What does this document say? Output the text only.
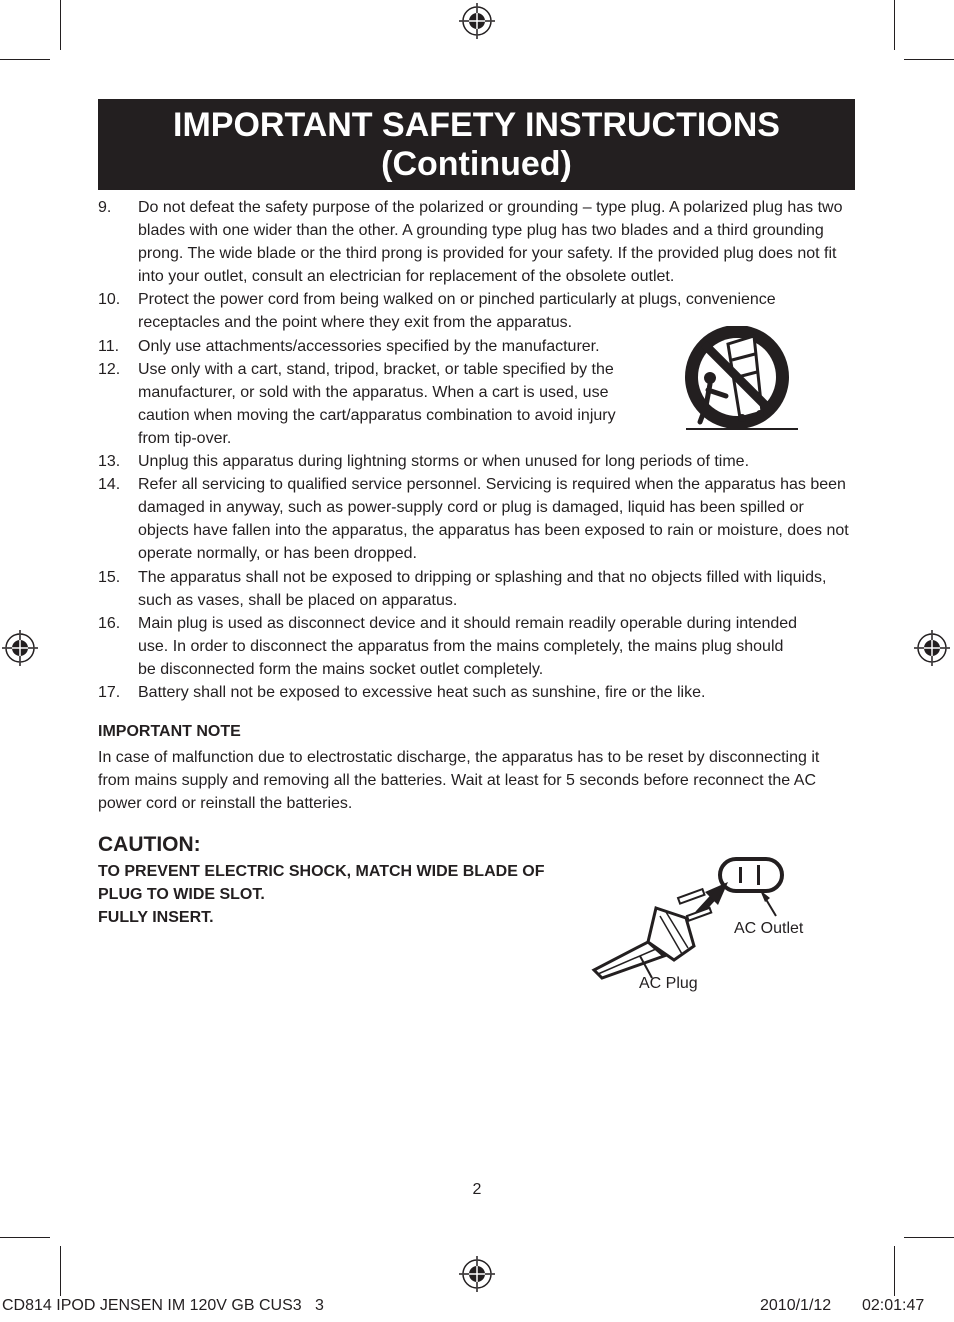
IMPORTANT SAFETY INSTRUCTIONS
(Continued)
9. Do not defeat the safety purpose of the polarized or grounding – type plug. A polarized plug has two blades with one wider than the other. A grounding type plug has two blades and a third grounding prong. The wide blade or the third prong is provided for your safety. If the provided plug does not fit into your outlet, consult an electrician for replacement of the obsolete outlet.
10. Protect the power cord from being walked on or pinched particularly at plugs, convenience receptacles and the point where they exit from the apparatus.
11. Only use attachments/accessories specified by the manufacturer.
12. Use only with a cart, stand, tripod, bracket, or table specified by the manufacturer, or sold with the apparatus. When a cart is used, use caution when moving the cart/apparatus combination to avoid injury from tip-over.
13. Unplug this apparatus during lightning storms or when unused for long periods of time.
14. Refer all servicing to qualified service personnel. Servicing is required when the apparatus has been damaged in anyway, such as power-supply cord or plug is damaged, liquid has been spilled or objects have fallen into the apparatus, the apparatus has been exposed to rain or moisture, does not operate normally, or has been dropped.
15. The apparatus shall not be exposed to dripping or splashing and that no objects filled with liquids, such as vases, shall be placed on apparatus.
16. Main plug is used as disconnect device and it should remain readily operable during intended use. In order to disconnect the apparatus from the mains completely, the mains plug should be disconnected form the mains socket outlet completely.
17. Battery shall not be exposed to excessive heat such as sunshine, fire or the like.
IMPORTANT NOTE
In case of malfunction due to electrostatic discharge, the apparatus has to be reset by disconnecting it from mains supply and removing all the batteries. Wait at least for 5 seconds before reconnect the AC power cord or reinstall the batteries.
CAUTION:
TO PREVENT ELECTRIC SHOCK, MATCH WIDE BLADE OF
PLUG TO WIDE SLOT.
FULLY INSERT.
AC Outlet
AC Plug
2
CD814 IPOD JENSEN IM 120V GB CUS3   3	2010/1/12 02:01:47
